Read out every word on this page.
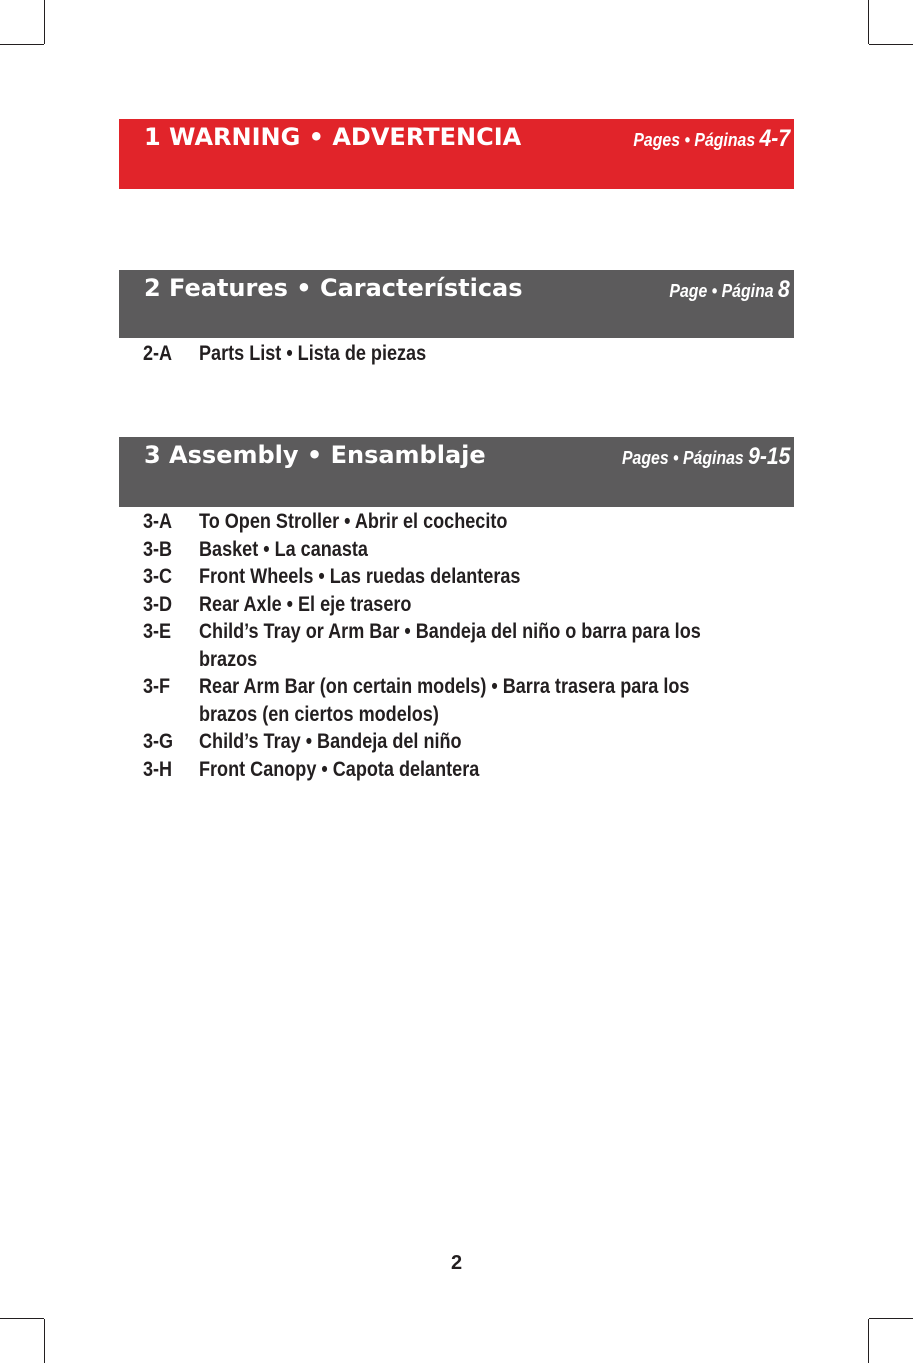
1 WARNING • ADVERTENCIA	Pages • Páginas 4-7
2 Features • Características	Page • Página 8
2-A	Parts List • Lista de piezas
3 Assembly • Ensamblaje	Pages • Páginas 9-15
3-A	To Open Stroller • Abrir el cochecito
3-B	Basket • La canasta
3-C	Front Wheels • Las ruedas delanteras
3-D	Rear Axle • El eje trasero
3-E	Child’s Tray or Arm Bar • Bandeja del niño o barra para los brazos
3-F	Rear Arm Bar (on certain models) • Barra trasera para los brazos (en ciertos modelos)
3-G	Child’s Tray • Bandeja del niño
3-H	Front Canopy • Capota delantera
2
